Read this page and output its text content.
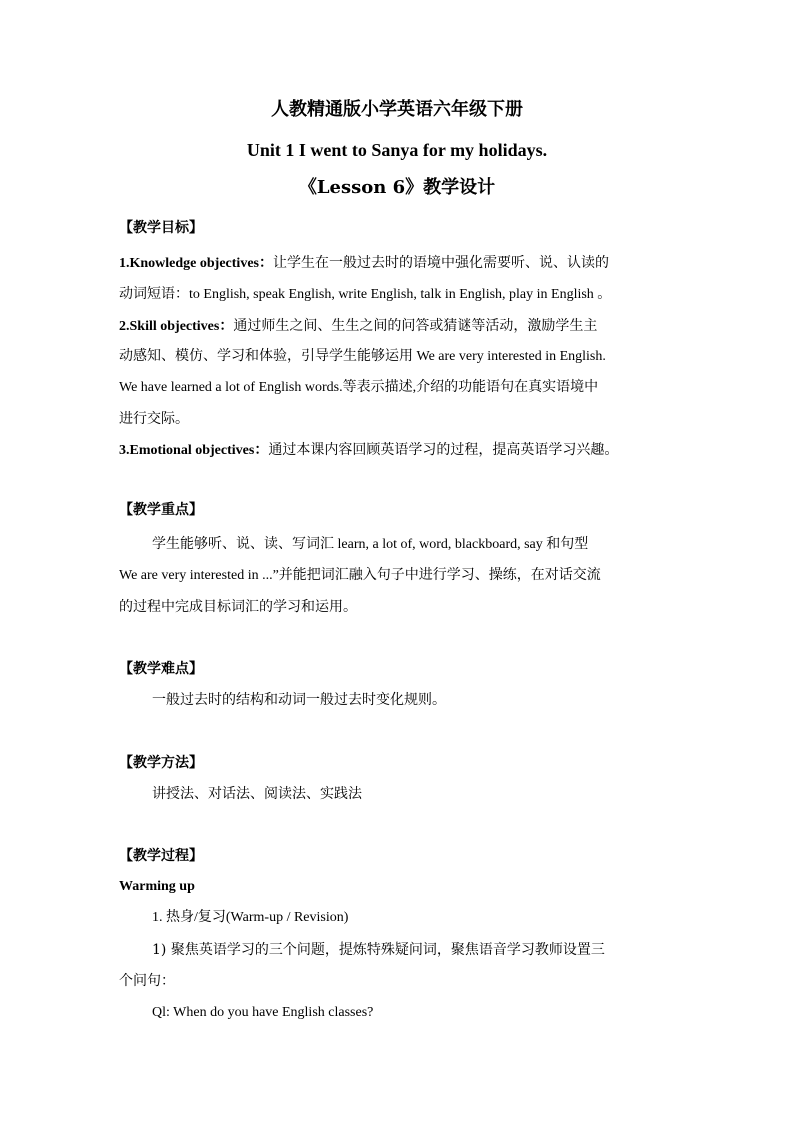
人教精通版小学英语六年级下册
Unit 1 I went to Sanya for my holidays.
《Lesson 6》教学设计
【教学目标】
1.Knowledge objectives：让学生在一般过去时的语境中强化需要听、说、认读的
动词短语：to English, speak English, write English, talk in English, play in English 。
2.Skill objectives：通过师生之间、生生之间的问答或猜谜等活动，激励学生主
动感知、模仿、学习和体验，引导学生能够运用 We are very interested in English.
We have learned a lot of English words.等表示描述,介绍的功能语句在真实语境中
进行交际。
3.Emotional objectives：通过本课内容回顾英语学习的过程，提高英语学习兴趣。
【教学重点】
学生能够听、说、读、写词汇 learn, a lot of, word, blackboard, say 和句型
We are very interested in ...”并能把词汇融入句子中进行学习、操练，在对话交流
的过程中完成目标词汇的学习和运用。
【教学难点】
一般过去时的结构和动词一般过去时变化规则。
【教学方法】
讲授法、对话法、阅读法、实践法
【教学过程】
Warming up
1. 热身/复习(Warm-up / Revision)
1) 聚焦英语学习的三个问题，提炼特殊疑问词，聚焦语音学习教师设置三
个问句：
Ql: When do you have English classes?
